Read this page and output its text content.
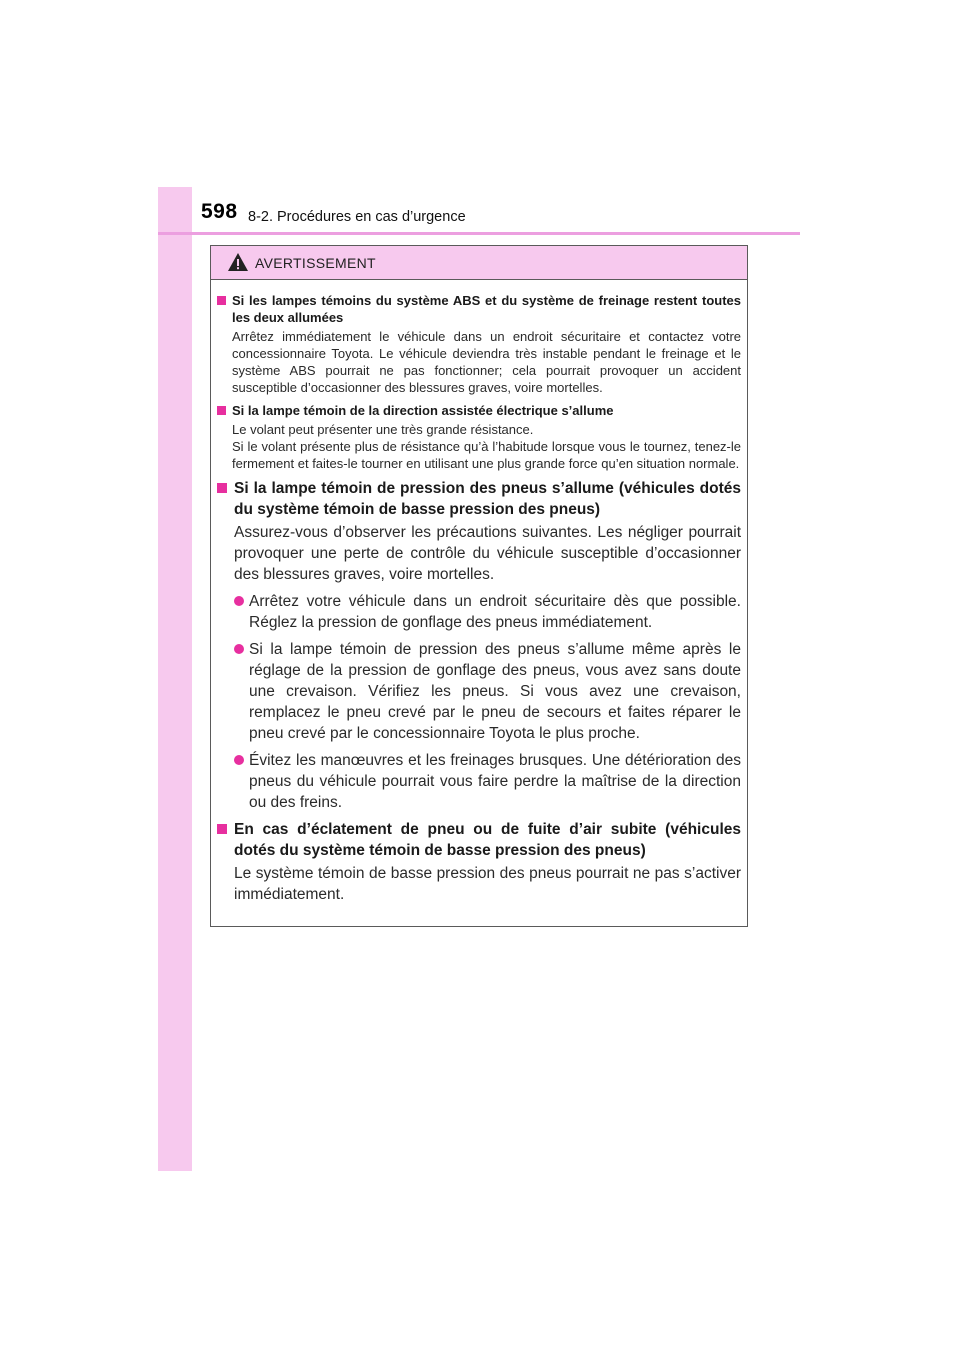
598 8-2. Procédures en cas d’urgence
AVERTISSEMENT
Si les lampes témoins du système ABS et du système de freinage restent toutes les deux allumées
Arrêtez immédiatement le véhicule dans un endroit sécuritaire et contactez votre concessionnaire Toyota. Le véhicule deviendra très instable pendant le freinage et le système ABS pourrait ne pas fonctionner; cela pourrait provoquer un accident susceptible d’occasionner des blessures graves, voire mortelles.
Si la lampe témoin de la direction assistée électrique s’allume
Le volant peut présenter une très grande résistance.
Si le volant présente plus de résistance qu’à l’habitude lorsque vous le tournez, tenez-le fermement et faites-le tourner en utilisant une plus grande force qu’en situation normale.
Si la lampe témoin de pression des pneus s’allume (véhicules dotés du système témoin de basse pression des pneus)
Assurez-vous d’observer les précautions suivantes. Les négliger pourrait provoquer une perte de contrôle du véhicule susceptible d’occasionner des blessures graves, voire mortelles.
Arrêtez votre véhicule dans un endroit sécuritaire dès que possible. Réglez la pression de gonflage des pneus immédiatement.
Si la lampe témoin de pression des pneus s’allume même après le réglage de la pression de gonflage des pneus, vous avez sans doute une crevaison. Vérifiez les pneus. Si vous avez une crevaison, remplacez le pneu crevé par le pneu de secours et faites réparer le pneu crevé par le concessionnaire Toyota le plus proche.
Évitez les manœuvres et les freinages brusques. Une détérioration des pneus du véhicule pourrait vous faire perdre la maîtrise de la direction ou des freins.
En cas d’éclatement de pneu ou de fuite d’air subite (véhicules dotés du système témoin de basse pression des pneus)
Le système témoin de basse pression des pneus pourrait ne pas s’activer immédiatement.
